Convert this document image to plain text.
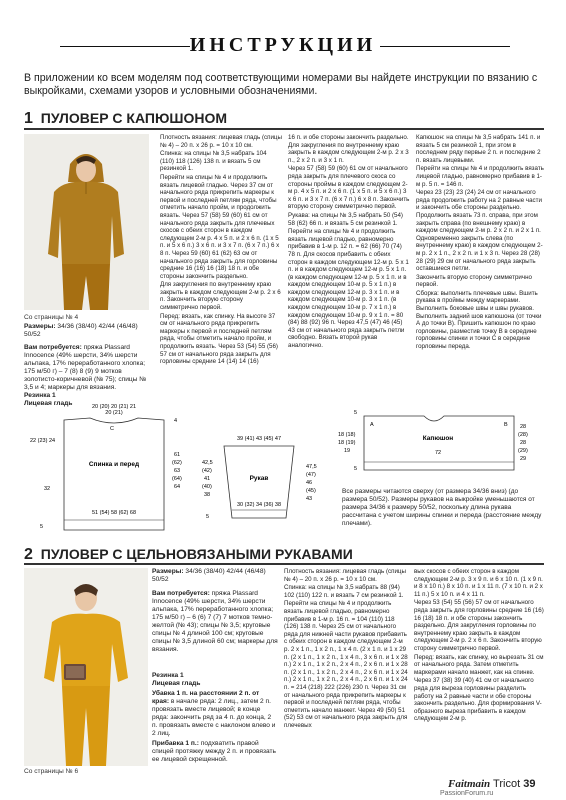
ИНСТРУКЦИИ
В приложении ко всем моделям под соответствующими номерами вы найдете инструкции по вязанию с выкройками, схемами узоров и условными обозначениями.
1 ПУЛОВЕР С КАПЮШОНОМ
Со страницы № 4
Размеры: 34/36 (38/40) 42/44 (46/48) 50/52
Вам потребуется: пряжа Plassard Innocence (49% шерсти, 34% шерсти альпака, 17% переработанного хлопка; 175 м/50 г) – 7 (8) 8 (9) 9 мотков золотисто-коричневой (№ 75); спицы № 3,5 и 4; маркеры для вязания.
Резинка 1
Лицевая гладь

Плотность вязания: лицевая гладь (спицы № 4) – 20 п. х 26 р. = 10 х 10 см.

Спинка: на спицы № 3,5 набрать 104 (110) 118 (126) 138 п. и вязать 5 см резинкой 1.

Перейти на спицы № 4 и продолжить вязать лицевой гладью. Через 37 см от начального ряда прикрепить маркеры к первой и последней петлям ряда, чтобы отметить начало пройм, и продолжить вязать. Через 57 (58) 59 (60) 61 см от начального ряда закрыть для плечевых скосов с обеих сторон в каждом следующем 2-м р. 4 х 5 п. и 2 х 6 п. (1 х 5 п. и 5 х 6 п.) 3 х 6 п. и 3 х 7 п. (6 х 7 п.) 6 х 8 п. Через 59 (60) 61 (62) 63 см от начального ряда закрыть для горловины средние 16 (16) 16 (18) 18 п. и обе стороны закончить раздельно.

Для закругления по внутреннему краю закрыть в каждом следующем 2-м р. 2 х 6 п. Закончить вторую сторону симметрично первой.

Перед: вязать, как спинку. На высоте 37 см от начального ряда прикрепить маркеры к первой и последней петлям ряда, чтобы отметить начало пройм, и продолжить вязать. Через 53 (54) 55 (56) 57 см от начального ряда закрыть для горловины средние 14 (14) 14 (16)

16 п. и обе стороны закончить раздельно. Для закругления по внутреннему краю закрыть в каждом следующем 2-м р. 2 х 3 п., 2 х 2 п. и 3 х 1 п.

Через 57 (58) 59 (60) 61 см от начального ряда закрыть для плечевого скоса со стороны проймы в каждом следующем 2-м р. 4 х 5 п. и 2 х 6 п. (1 х 5 п. и 5 х 6 п.) 3 х 6 п. и 3 х 7 п. (6 х 7 п.) 6 х 8 п. Закончить вторую сторону симметрично первой.

Рукава: на спицы № 3,5 набрать 50 (54) 58 (62) 66 п. и вязать 5 см резинкой 1.

Перейти на спицы № 4 и продолжить вязать лицевой гладью, равномерно прибавив в 1-м р. 12 п. = 62 (66) 70 (74) 78 п. Для скосов прибавить с обеих сторон в каждом следующем 12-м р. 5 х 1 п. и в каждом следующем 12-м р. 5 х 1 п. (в каждом следующем 12-м р. 5 х 1 п. и в каждом следующем 10-м р. 5 х 1 п.) в каждом следующем 12-м р. 3 х 1 п. и в каждом следующем 10-м р. 3 х 1 п. (в каждом следующем 10-м р. 7 х 1 п.) в каждом следующем 10-м р. 9 х 1 п. = 80 (84) 88 (92) 96 п. Через 47,5 (47) 46 (45) 43 см от начального ряда закрыть петли свободно. Вязать второй рукав аналогично.

Капюшон: на спицы № 3,5 набрать 141 п. и вязать 5 см резинкой 1, при этом в последнем ряду первые 2 п. и последние 2 п. вязать лицевыми.

Перейти на спицы № 4 и продолжить вязать лицевой гладью, равномерно прибавив в 1-м р. 5 п. = 146 п.

Через 23 (23) 23 (24) 24 см от начального ряда продолжить работу на 2 равные части и закончить обе стороны раздельно. Продолжить вязать 73 п. справа, при этом закрыть справа (по внешнему краю) в каждом следующем 2-м р. 2 х 2 п. и 2 х 1 п. Одновременно закрыть слева (по внутреннему краю) в каждом следующем 2-м р. 2 х 1 п., 2 х 2 п. и 1 х 3 п. Через 28 (28) 28 (29) 29 см от начального ряда закрыть оставшиеся петли.

Закончить вторую сторону симметрично первой.

Сборка: выполнить плечевые швы. Вшить рукава в проймы между маркерами. Выполнить боковые швы и швы рукавов. Выполнить задний шов капюшона (от точки А до точки В). Пришить капюшон по краю горловины, разместив точку В в середине горловины спинки и точки С в середине горловины переда.

Спинка и перед
20 (20) 20 (21) 21
20 (21)
22 (23) 24
32
51 (54) 58 (62) 68
5
4
61
(62)
63
(64)
64
C
39 (41) 43 (45) 47
Рукав
30 (32) 34 (36) 38
42,5
(42)
41
(40)
38
47,5
(47)
46
(45)
43
5
Капюшон
72
A	B
18 (18)
18 (19)
19
28
(28)
28
(29)
29
5
5
Все размеры читаются сверху (от размера 34/36 вниз) (до размера 50/52). Размеры рукавов на выкройке уменьшаются от размера 34/36 к размеру 50/52, поскольку длина рукава рассчитана с учетом ширины спинки и переда (расстояние между плечами).
2 ПУЛОВЕР С ЦЕЛЬНОВЯЗАНЫМИ РУКАВАМИ
Со страницы № 6
Размеры: 34/36 (38/40) 42/44 (46/48) 50/52
Вам потребуется: пряжа Plassard Innocence (49% шерсти, 34% шерсти альпака, 17% переработанного хлопка; 175 м/50 г) – 6 (6) 7 (7) 7 мотков темно-желтой (№ 43); спицы № 3,5; круговые спицы № 4 длиной 100 см; круговые спицы № 3,5 длиной 60 см; маркеры для вязания.
Резинка 1
Лицевая гладь
Убавка 1 п. на расстоянии 2 п. от края: в начале ряда: 2 лиц., затем 2 п. провязать вместе лицевой; в конце ряда: закончить ряд за 4 п. до конца, 2 п. провязать вместе с наклоном влево и 2 лиц.
Прибавка 1 п.: подхватить правой спицей протяжку между 2 п. и провязать ее лицевой скрещенной.

Плотность вязания: лицевая гладь (спицы № 4) – 20 п. х 26 р. = 10 х 10 см.

Спинка: на спицы № 3,5 набрать 88 (94) 102 (110) 122 п. и вязать 7 см резинкой 1.

Перейти на спицы № 4 и продолжить вязать лицевой гладью, равномерно прибавив в 1-м р. 16 п. = 104 (110) 118 (126) 138 п. Через 25 см от начального ряда для нижней части рукавов прибавить с обеих сторон в каждом следующем 2-м р. 2 х 1 п., 1 х 2 п., 1 х 4 п. (2 х 1 п. и 1 х 29 п. (2 х 1 п., 1 х 2 п., 1 х 4 п., 3 х 6 п. и 1 х 28 п.) 2 х 1 п., 1 х 2 п., 2 х 4 п., 2 х 6 п. и 1 х 28 п. (2 х 1 п., 1 х 2 п., 2 х 4 п., 2 х 6 п. и 1 х 24 п.) 2 х 1 п., 1 х 2 п., 2 х 4 п., 2 х 6 п. и 1 х 24 п. = 214 (218) 222 (226) 230 п. Через 31 см от начального ряда прикрепить маркеры к первой и последней петлям ряда, чтобы отметить начало манжет. Через 49 (50) 51 (52) 53 см от начального ряда закрыть для плечевых

вых скосов с обеих сторон в каждом следующем 2-м р. 3 х 9 п. и 6 х 10 п. (1 х 9 п. и 8 х 10 п.) 8 х 10 п. и 1 х 11 п. (7 х 10 п. и 2 х 11 п.) 5 х 10 п. и 4 х 11 п.

Через 53 (54) 55 (56) 57 см от начального ряда закрыть для горловины средние 16 (16) 16 (18) 18 п. и обе стороны закончить раздельно. Для закругления горловины по внутреннему краю закрыть в каждом следующем 2-м р. 2 х 6 п. Закончить вторую сторону симметрично первой.

Перед: вязать, как спинку, но вырезать 31 см от начального ряда. Затем отметить маркерами начало манжет, как на спинке.

Через 37 (38) 39 (40) 41 см от начального ряда для выреза горловины разделить работу на 2 равные части и обе стороны закончить раздельно. Для формирования V-образного выреза прибавить в каждом следующем 2-м р.

Faitmain Tricot 39
PassionForum.ru
